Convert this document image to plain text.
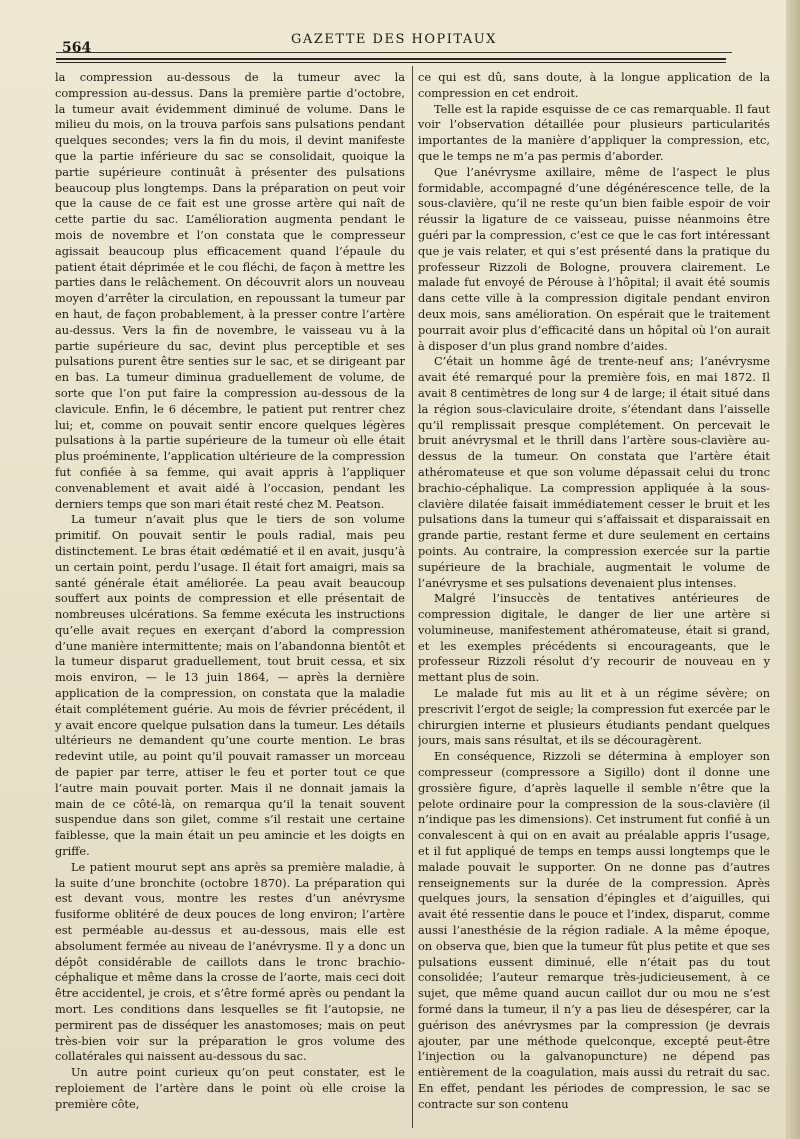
564
GAZETTE DES HOPITAUX

la compression au-dessous de la tumeur avec la compression au-dessus. Dans la première partie d’octobre, la tumeur avait évidemment diminué de volume. Dans le milieu du mois, on la trouva parfois sans pulsations pendant quelques secondes; vers la fin du mois, il devint manifeste que la partie inférieure du sac se consolidait, quoique la partie supérieure continuât à présenter des pulsations beaucoup plus longtemps. Dans la préparation on peut voir que la cause de ce fait est une grosse artère qui naît de cette partie du sac. L’amélioration augmenta pendant le mois de novembre et l’on constata que le compresseur agissait beaucoup plus efficacement quand l’épaule du patient était déprimée et le cou fléchi, de façon à mettre les parties dans le relâchement. On découvrit alors un nouveau moyen d’arrêter la circulation, en repoussant la tumeur par en haut, de façon probablement, à la presser contre l’artère au-dessus. Vers la fin de novembre, le vaisseau vu à la partie supérieure du sac, devint plus perceptible et ses pulsations purent être senties sur le sac, et se dirigeant par en bas. La tumeur diminua graduellement de volume, de sorte que l’on put faire la compression au-dessous de la clavicule. Enfin, le 6 décembre, le patient put rentrer chez lui; et, comme on pouvait sentir encore quelques légères pulsations à la partie supérieure de la tumeur où elle était plus proéminente, l’application ultérieure de la compression fut confiée à sa femme, qui avait appris à l’appliquer convenablement et avait aidé à l’occasion, pendant les derniers temps que son mari était resté chez M. Peatson.

La tumeur n’avait plus que le tiers de son volume primitif. On pouvait sentir le pouls radial, mais peu distinctement. Le bras était œdématié et il en avait, jusqu’à un certain point, perdu l’usage. Il était fort amaigri, mais sa santé générale était améliorée. La peau avait beaucoup souffert aux points de compression et elle présentait de nombreuses ulcérations. Sa femme exécuta les instructions qu’elle avait reçues en exerçant d’abord la compression d’une manière intermittente; mais on l’abandonna bientôt et la tumeur disparut graduellement, tout bruit cessa, et six mois environ, — le 13 juin 1864, — après la dernière application de la compression, on constata que la maladie était complétement guérie. Au mois de février précédent, il y avait encore quelque pulsation dans la tumeur. Les détails ultérieurs ne demandent qu’une courte mention. Le bras redevint utile, au point qu’il pouvait ramasser un morceau de papier par terre, attiser le feu et porter tout ce que l’autre main pouvait porter. Mais il ne donnait jamais la main de ce côté-là, on remarqua qu’il la tenait souvent suspendue dans son gilet, comme s’il restait une certaine faiblesse, que la main était un peu amincie et les doigts en griffe.

Le patient mourut sept ans après sa première maladie, à la suite d’une bronchite (octobre 1870). La préparation qui est devant vous, montre les restes d’un anévrysme fusiforme oblitéré de deux pouces de long environ; l’artère est perméable au-dessus et au-dessous, mais elle est absolument fermée au niveau de l’anévrysme. Il y a donc un dépôt considérable de caillots dans le tronc brachio-céphalique et même dans la crosse de l’aorte, mais ceci doit être accidentel, je crois, et s’être formé après ou pendant la mort. Les conditions dans lesquelles se fit l’autopsie, ne permirent pas de disséquer les anastomoses; mais on peut très-bien voir sur la préparation le gros volume des collatérales qui naissent au-dessous du sac.

Un autre point curieux qu’on peut constater, est le reploiement de l’artère dans le point où elle croise la première côte,

ce qui est dû, sans doute, à la longue application de la compression en cet endroit.

Telle est la rapide esquisse de ce cas remarquable. Il faut voir l’observation détaillée pour plusieurs particularités importantes de la manière d’appliquer la compression, etc, que le temps ne m’a pas permis d’aborder.

Que l’anévrysme axillaire, même de l’aspect le plus formidable, accompagné d’une dégénérescence telle, de la sous-clavière, qu’il ne reste qu’un bien faible espoir de voir réussir la ligature de ce vaisseau, puisse néanmoins être guéri par la compression, c’est ce que le cas fort intéressant que je vais relater, et qui s’est présenté dans la pratique du professeur Rizzoli de Bologne, prouvera clairement. Le malade fut envoyé de Pérouse à l’hôpital; il avait été soumis dans cette ville à la compression digitale pendant environ deux mois, sans amélioration. On espérait que le traitement pourrait avoir plus d’efficacité dans un hôpital où l’on aurait à disposer d’un plus grand nombre d’aides.

C’était un homme âgé de trente-neuf ans; l’anévrysme avait été remarqué pour la première fois, en mai 1872. Il avait 8 centimètres de long sur 4 de large; il était situé dans la région sous-claviculaire droite, s’étendant dans l’aisselle qu’il remplissait presque complétement. On percevait le bruit anévrysmal et le thrill dans l’artère sous-clavière au-dessus de la tumeur. On constata que l’artère était athéromateuse et que son volume dépassait celui du tronc brachio-céphalique. La compression appliquée à la sous-clavière dilatée faisait immédiatement cesser le bruit et les pulsations dans la tumeur qui s’affaissait et disparaissait en grande partie, restant ferme et dure seulement en certains points. Au contraire, la compression exercée sur la partie supérieure de la brachiale, augmentait le volume de l’anévrysme et ses pulsations devenaient plus intenses.

Malgré l’insuccès de tentatives antérieures de compression digitale, le danger de lier une artère si volumineuse, manifestement athéromateuse, était si grand, et les exemples précédents si encourageants, que le professeur Rizzoli résolut d’y recourir de nouveau en y mettant plus de soin.

Le malade fut mis au lit et à un régime sévère; on prescrivit l’ergot de seigle; la compression fut exercée par le chirurgien interne et plusieurs étudiants pendant quelques jours, mais sans résultat, et ils se découragèrent.

En conséquence, Rizzoli se détermina à employer son compresseur (compressore a Sigillo) dont il donne une grossière figure, d’après laquelle il semble n’être que la pelote ordinaire pour la compression de la sous-clavière (il n’indique pas les dimensions). Cet instrument fut confié à un convalescent à qui on en avait au préalable appris l’usage, et il fut appliqué de temps en temps aussi longtemps que le malade pouvait le supporter. On ne donne pas d’autres renseignements sur la durée de la compression. Après quelques jours, la sensation d’épingles et d’aiguilles, qui avait été ressentie dans le pouce et l’index, disparut, comme aussi l’anesthésie de la région radiale. A la même époque, on observa que, bien que la tumeur fût plus petite et que ses pulsations eussent diminué, elle n’était pas du tout consolidée; l’auteur remarque très-judicieusement, à ce sujet, que même quand aucun caillot dur ou mou ne s’est formé dans la tumeur, il n’y a pas lieu de désespérer, car la guérison des anévrysmes par la compression (je devrais ajouter, par une méthode quelconque, excepté peut-être l’injection ou la galvanopuncture) ne dépend pas entièrement de la coagulation, mais aussi du retrait du sac. En effet, pendant les périodes de compression, le sac se contracte sur son contenu
